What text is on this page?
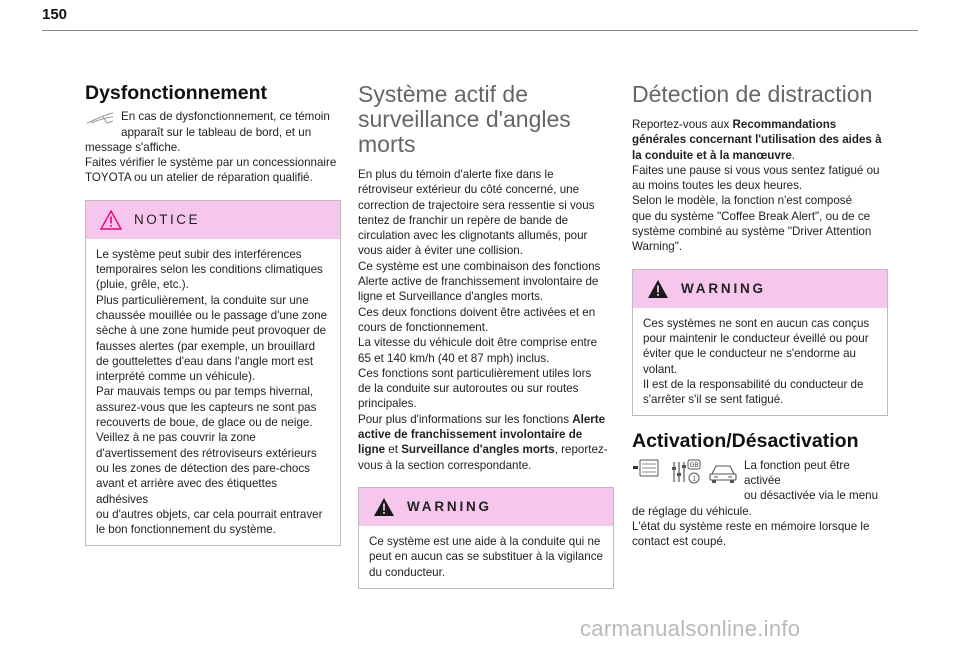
150
Dysfonctionnement

En cas de dysfonctionnement, ce témoin

apparaît sur le tableau de bord, et un

message s'affiche.

Faites vérifier le système par un concessionnaire

TOYOTA ou un atelier de réparation qualifié.

NOTICE

Le système peut subir des interférences

temporaires selon les conditions climatiques

(pluie, grêle, etc.).

Plus particulièrement, la conduite sur une

chaussée mouillée ou le passage d'une zone

sèche à une zone humide peut provoquer de

fausses alertes (par exemple, un brouillard

de gouttelettes d'eau dans l'angle mort est

interprété comme un véhicule).

Par mauvais temps ou par temps hivernal,

assurez-vous que les capteurs ne sont pas

recouverts de boue, de glace ou de neige.

Veillez à ne pas couvrir la zone

d'avertissement des rétroviseurs extérieurs

ou les zones de détection des pare-chocs

avant et arrière avec des étiquettes adhésives

ou d'autres objets, car cela pourrait entraver

le bon fonctionnement du système.

Système actif de
surveillance d'angles
morts

En plus du témoin d'alerte fixe dans le

rétroviseur extérieur du côté concerné, une

correction de trajectoire sera ressentie si vous

tentez de franchir un repère de bande de

circulation avec les clignotants allumés, pour

vous aider à éviter une collision.

Ce système est une combinaison des fonctions

Alerte active de franchissement involontaire de

ligne et Surveillance d'angles morts.

Ces deux fonctions doivent être activées et en

cours de fonctionnement.

La vitesse du véhicule doit être comprise entre

65 et 140 km/h (40 et 87 mph) inclus.

Ces fonctions sont particulièrement utiles lors

de la conduite sur autoroutes ou sur routes

principales.

Pour plus d'informations sur les fonctions Alerte

active de franchissement involontaire de

ligne et Surveillance d'angles morts, reportez-

vous à la section correspondante.

WARNING

Ce système est une aide à la conduite qui ne

peut en aucun cas se substituer à la vigilance

du conducteur.

Détection de distraction

Reportez-vous aux Recommandations

générales concernant l'utilisation des aides à

la conduite et à la manœuvre.

Faites une pause si vous vous sentez fatigué ou

au moins toutes les deux heures.

Selon le modèle, la fonction n'est composé

que du système "Coffee Break Alert", ou de ce

système combiné au système "Driver Attention

Warning".

WARNING

Ces systèmes ne sont en aucun cas conçus

pour maintenir le conducteur éveillé ou pour

éviter que le conducteur ne s'endorme au

volant.

Il est de la responsabilité du conducteur de

s'arrêter s'il se sent fatigué.

Activation/Désactivation
GB
1

La fonction peut être activée

ou désactivée via le menu

de réglage du véhicule.

L'état du système reste en mémoire lorsque le

contact est coupé.

carmanualsonline.info
